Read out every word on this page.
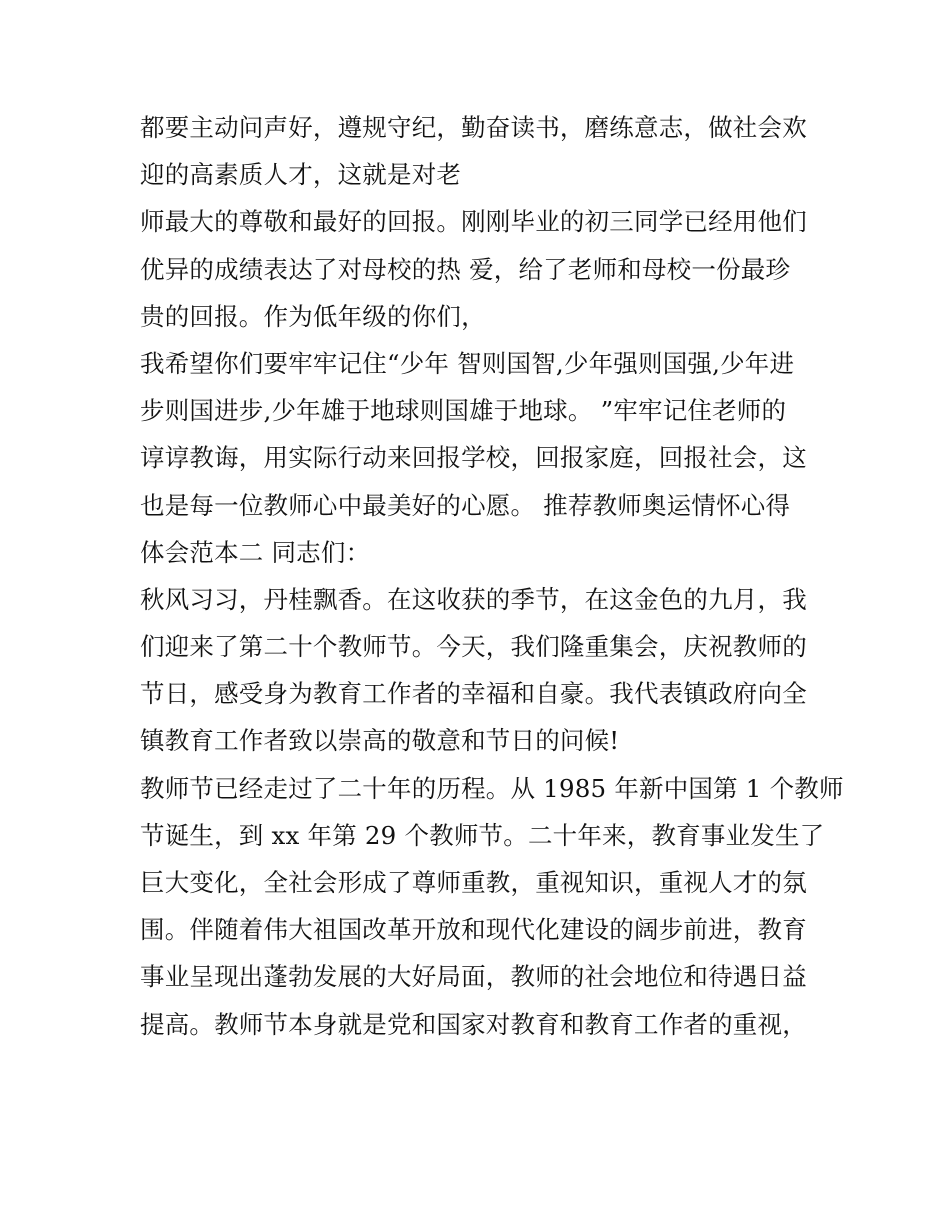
都要主动问声好，遵规守纪，勤奋读书，磨练意志，做社会欢
迎的高素质人才，这就是对老
师最大的尊敬和最好的回报。刚刚毕业的初三同学已经用他们
优异的成绩表达了对母校的热 爱，给了老师和母校一份最珍
贵的回报。作为低年级的你们，
我希望你们要牢牢记住“少年 智则国智,少年强则国强,少年进
步则国进步,少年雄于地球则国雄于地球。 ”牢牢记住老师的
谆谆教诲，用实际行动来回报学校，回报家庭，回报社会，这
也是每一位教师心中最美好的心愿。 推荐教师奥运情怀心得
体会范本二 同志们：
秋风习习，丹桂飘香。在这收获的季节，在这金色的九月，我
们迎来了第二十个教师节。今天，我们隆重集会，庆祝教师的
节日，感受身为教育工作者的幸福和自豪。我代表镇政府向全
镇教育工作者致以崇高的敬意和节日的问候!
教师节已经走过了二十年的历程。从 1985 年新中国第 1 个教师
节诞生，到 xx 年第 29 个教师节。二十年来，教育事业发生了
巨大变化，全社会形成了尊师重教，重视知识，重视人才的氛
围。伴随着伟大祖国改革开放和现代化建设的阔步前进，教育
事业呈现出蓬勃发展的大好局面，教师的社会地位和待遇日益
提高。教师节本身就是党和国家对教育和教育工作者的重视，
